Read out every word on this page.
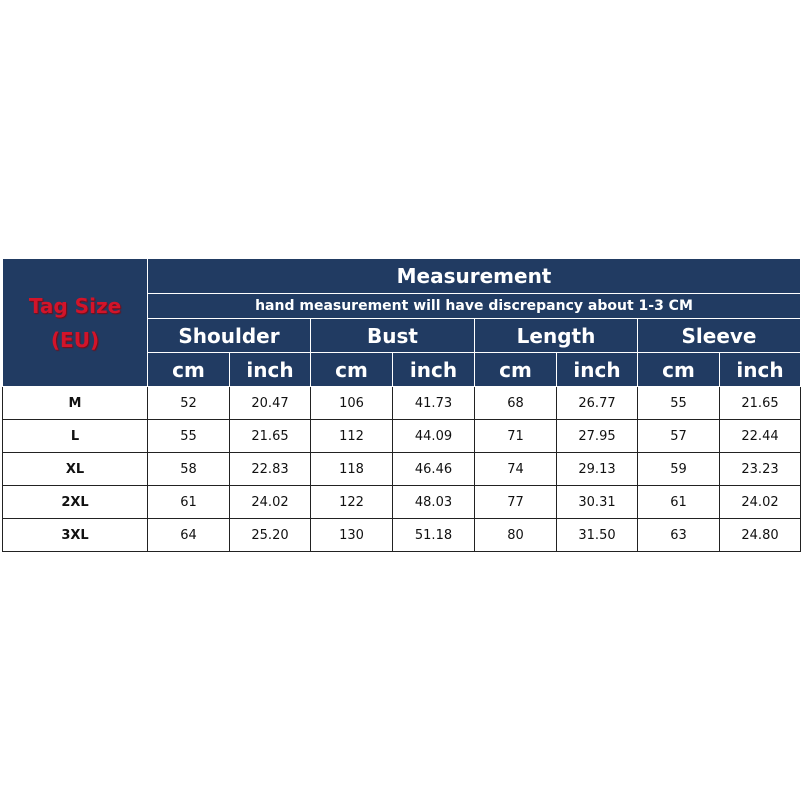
Tag Size
(EU)	Measurement							
	hand measurement will have discrepancy about 1-3 CM							
	Shoulder		Bust		Length		Sleeve	
	cm	inch	cm	inch	cm	inch	cm	inch
M	52	20.47	106	41.73	68	26.77	55	21.65
L	55	21.65	112	44.09	71	27.95	57	22.44
XL	58	22.83	118	46.46	74	29.13	59	23.23
2XL	61	24.02	122	48.03	77	30.31	61	24.02
3XL	64	25.20	130	51.18	80	31.50	63	24.80
